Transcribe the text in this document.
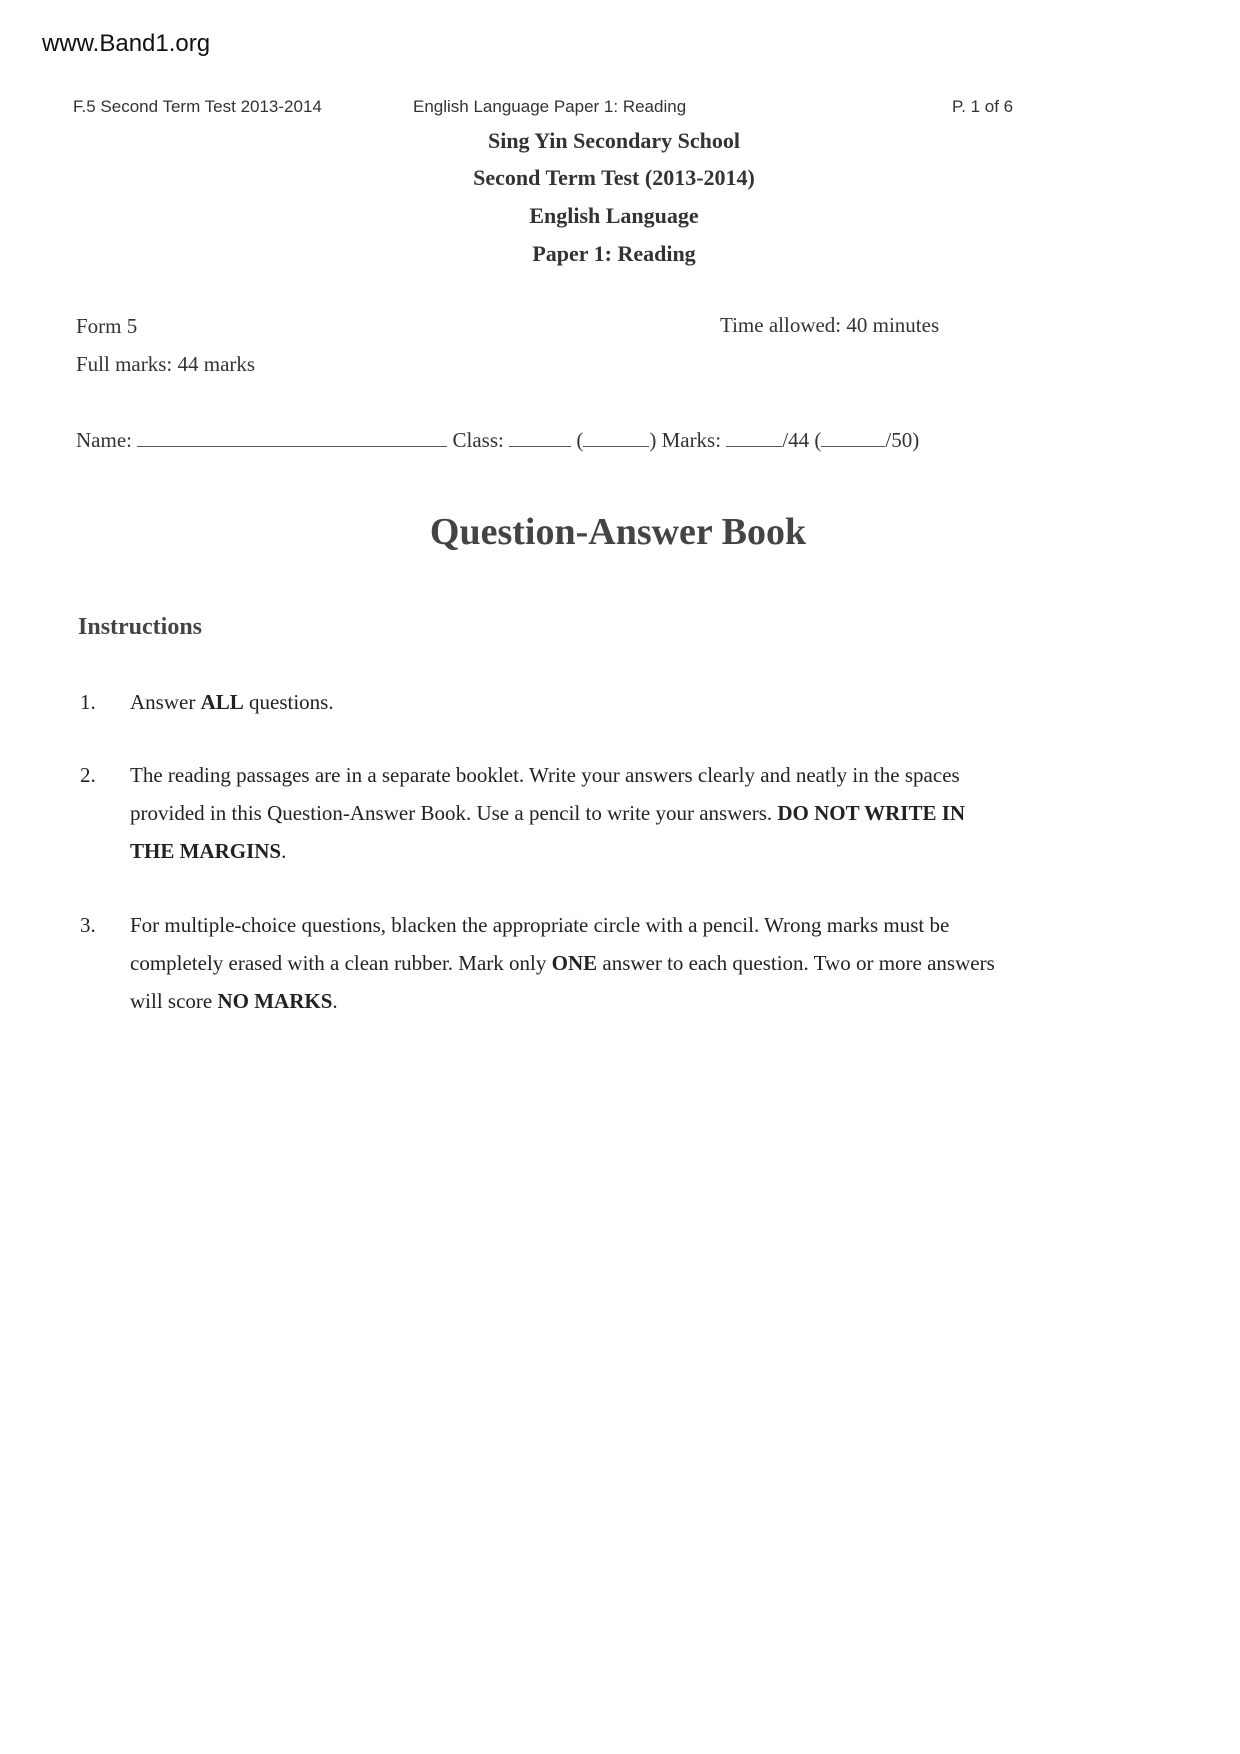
www.Band1.org
F.5 Second Term Test 2013-2014	English Language Paper 1: Reading	P. 1 of 6
Sing Yin Secondary School
Second Term Test (2013-2014)
English Language
Paper 1: Reading
Form 5
Full marks: 44 marks
Time allowed: 40 minutes
Name:	Class:	(	) Marks:	/44 (	/50)
Question-Answer Book
Instructions
1. Answer ALL questions.
2. The reading passages are in a separate booklet. Write your answers clearly and neatly in the spaces
provided in this Question-Answer Book. Use a pencil to write your answers. DO NOT WRITE IN
THE MARGINS.
3. For multiple-choice questions, blacken the appropriate circle with a pencil. Wrong marks must be
completely erased with a clean rubber. Mark only ONE answer to each question. Two or more answers
will score NO MARKS.
